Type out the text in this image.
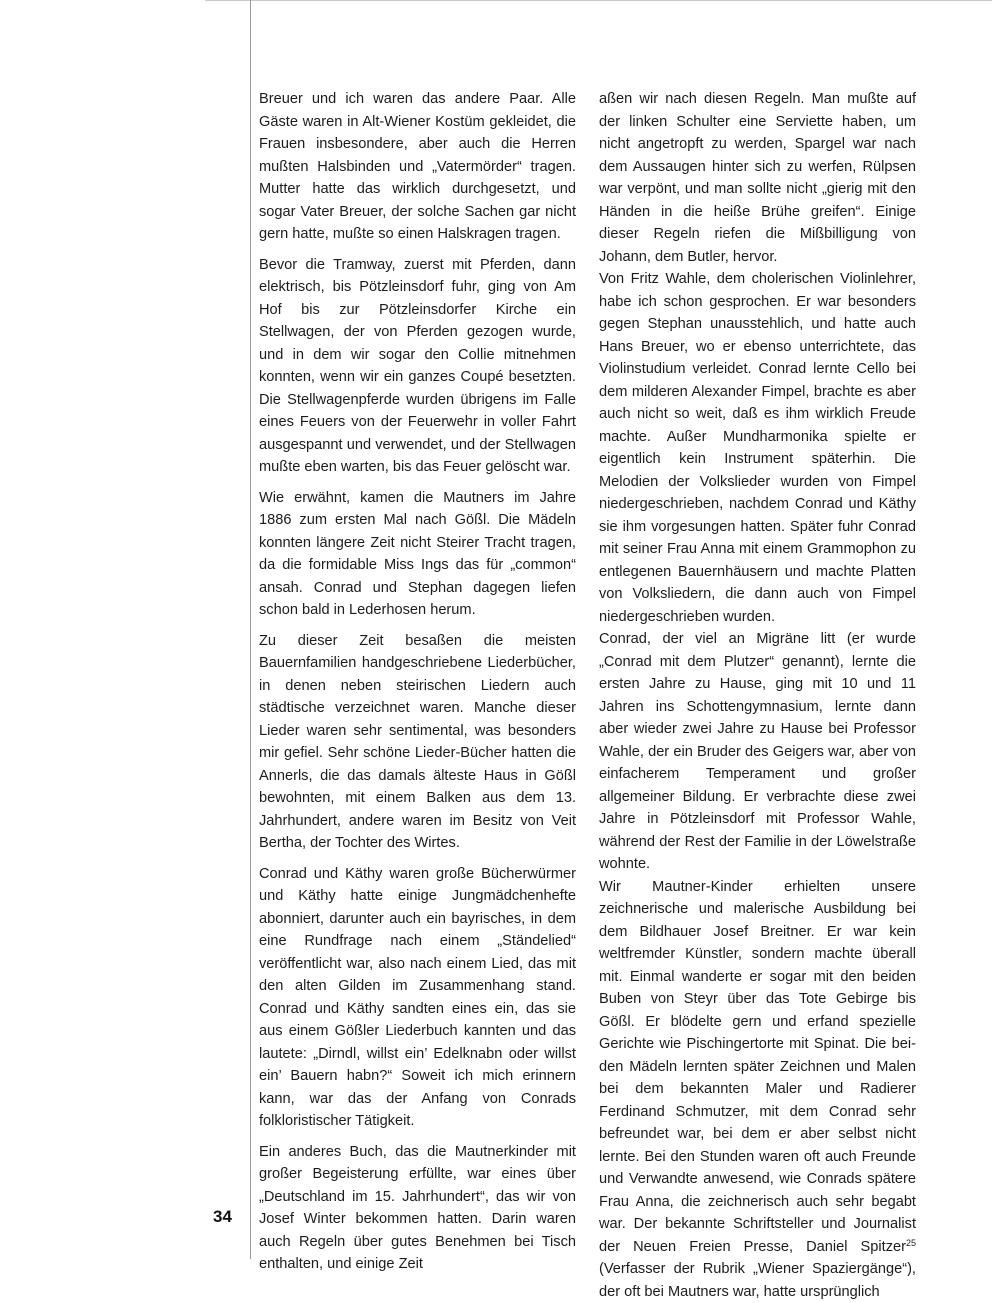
Breuer und ich waren das andere Paar. Alle Gäste waren in Alt-Wiener Kostüm gekleidet, die Frauen insbesondere, aber auch die Herren mußten Halsbinden und „Vatermörder“ tragen. Mutter hatte das wirklich durchgesetzt, und sogar Vater Breuer, der solche Sachen gar nicht gern hatte, mußte so einen Halskragen tragen.

Bevor die Tramway, zuerst mit Pferden, dann elektrisch, bis Pötzleinsdorf fuhr, ging von Am Hof bis zur Pötzleinsdorfer Kirche ein Stellwagen, der von Pferden gezogen wurde, und in dem wir sogar den Collie mitnehmen konnten, wenn wir ein ganzes Coupé besetzten. Die Stellwagenpferde wurden übrigens im Falle eines Feuers von der Feuerwehr in voller Fahrt ausgespannt und verwendet, und der Stellwagen mußte eben warten, bis das Feuer gelöscht war.

Wie erwähnt, kamen die Mautners im Jahre 1886 zum ersten Mal nach Gößl. Die Mädeln konnten längere Zeit nicht Steirer Tracht tragen, da die formidable Miss Ings das für „common“ ansah. Conrad und Stephan dagegen liefen schon bald in Lederhosen herum.

Zu dieser Zeit besaßen die meisten Bauernfamilien handgeschriebene Liederbücher, in denen neben steirischen Liedern auch städtische verzeichnet waren. Manche dieser Lieder waren sehr sentimental, was besonders mir gefiel. Sehr schöne Lieder-Bücher hatten die Annerls, die das damals älteste Haus in Gößl bewohnten, mit einem Balken aus dem 13. Jahrhundert, andere waren im Besitz von Veit Bertha, der Tochter des Wirtes.

Conrad und Käthy waren große Bücherwürmer und Käthy hatte einige Jungmädchenhefte abonniert, darunter auch ein bayrisches, in dem eine Rundfrage nach einem „Ständelied“ veröffentlicht war, also nach einem Lied, das mit den alten Gilden im Zusammenhang stand. Conrad und Käthy sandten eines ein, das sie aus einem Gößler Liederbuch kannten und das lautete: „Dirndl, willst ein’ Edelknabn oder willst ein’ Bauern habn?“ Soweit ich mich erinnern kann, war das der Anfang von Conrads folkloristischer Tätigkeit.

Ein anderes Buch, das die Mautnerkinder mit großer Begeisterung erfüllte, war eines über „Deutschland im 15. Jahrhundert“, das wir von Josef Winter bekommen hatten. Darin waren auch Regeln über gutes Benehmen bei Tisch enthalten, und einige Zeit

aßen wir nach diesen Regeln. Man mußte auf der linken Schulter eine Serviette haben, um nicht angetropft zu werden, Spargel war nach dem Aussaugen hinter sich zu werfen, Rülpsen war verpönt, und man sollte nicht „gierig mit den Händen in die heiße Brühe greifen“. Einige dieser Regeln riefen die Mißbilligung von Johann, dem Butler, hervor.

Von Fritz Wahle, dem cholerischen Violinlehrer, habe ich schon gesprochen. Er war besonders gegen Stephan unausstehlich, und hatte auch Hans Breuer, wo er ebenso unterrichtete, das Violinstudium verleidet. Conrad lernte Cello bei dem milderen Alexander Fimpel, brachte es aber auch nicht so weit, daß es ihm wirklich Freude machte. Außer Mundharmonika spielte er eigentlich kein Instrument späterhin. Die Melodien der Volkslieder wurden von Fimpel niedergeschrieben, nachdem Conrad und Käthy sie ihm vorgesungen hatten. Später fuhr Conrad mit seiner Frau Anna mit einem Grammophon zu entlegenen Bauernhäusern und machte Platten von Volksliedern, die dann auch von Fimpel niedergeschrieben wurden.

Conrad, der viel an Migräne litt (er wurde „Conrad mit dem Plutzer“ genannt), lernte die ersten Jahre zu Hause, ging mit 10 und 11 Jahren ins Schottengymnasium, lernte dann aber wieder zwei Jahre zu Hause bei Professor Wahle, der ein Bruder des Geigers war, aber von einfacherem Temperament und großer allgemeiner Bildung. Er verbrachte diese zwei Jahre in Pötzleinsdorf mit Professor Wahle, während der Rest der Familie in der Löwelstraße wohnte.

Wir Mautner-Kinder erhielten unsere zeichnerische und malerische Ausbildung bei dem Bildhauer Josef Breitner. Er war kein weltfremder Künstler, sondern machte überall mit. Einmal wanderte er sogar mit den beiden Buben von Steyr über das Tote Gebirge bis Gößl. Er blödelte gern und erfand spezielle Gerichte wie Pischingertorte mit Spinat. Die beiden Mädeln lernten später Zeichnen und Malen bei dem bekannten Maler und Radierer Ferdinand Schmutzer, mit dem Conrad sehr befreundet war, bei dem er aber selbst nicht lernte. Bei den Stunden waren oft auch Freunde und Verwandte anwesend, wie Conrads spätere Frau Anna, die zeichnerisch auch sehr begabt war. Der bekannte Schriftsteller und Journalist der Neuen Freien Presse, Daniel Spitzer$^{25}$ (Verfasser der Rubrik „Wiener Spaziergänge“), der oft bei Mautners war, hatte ursprünglich

34
